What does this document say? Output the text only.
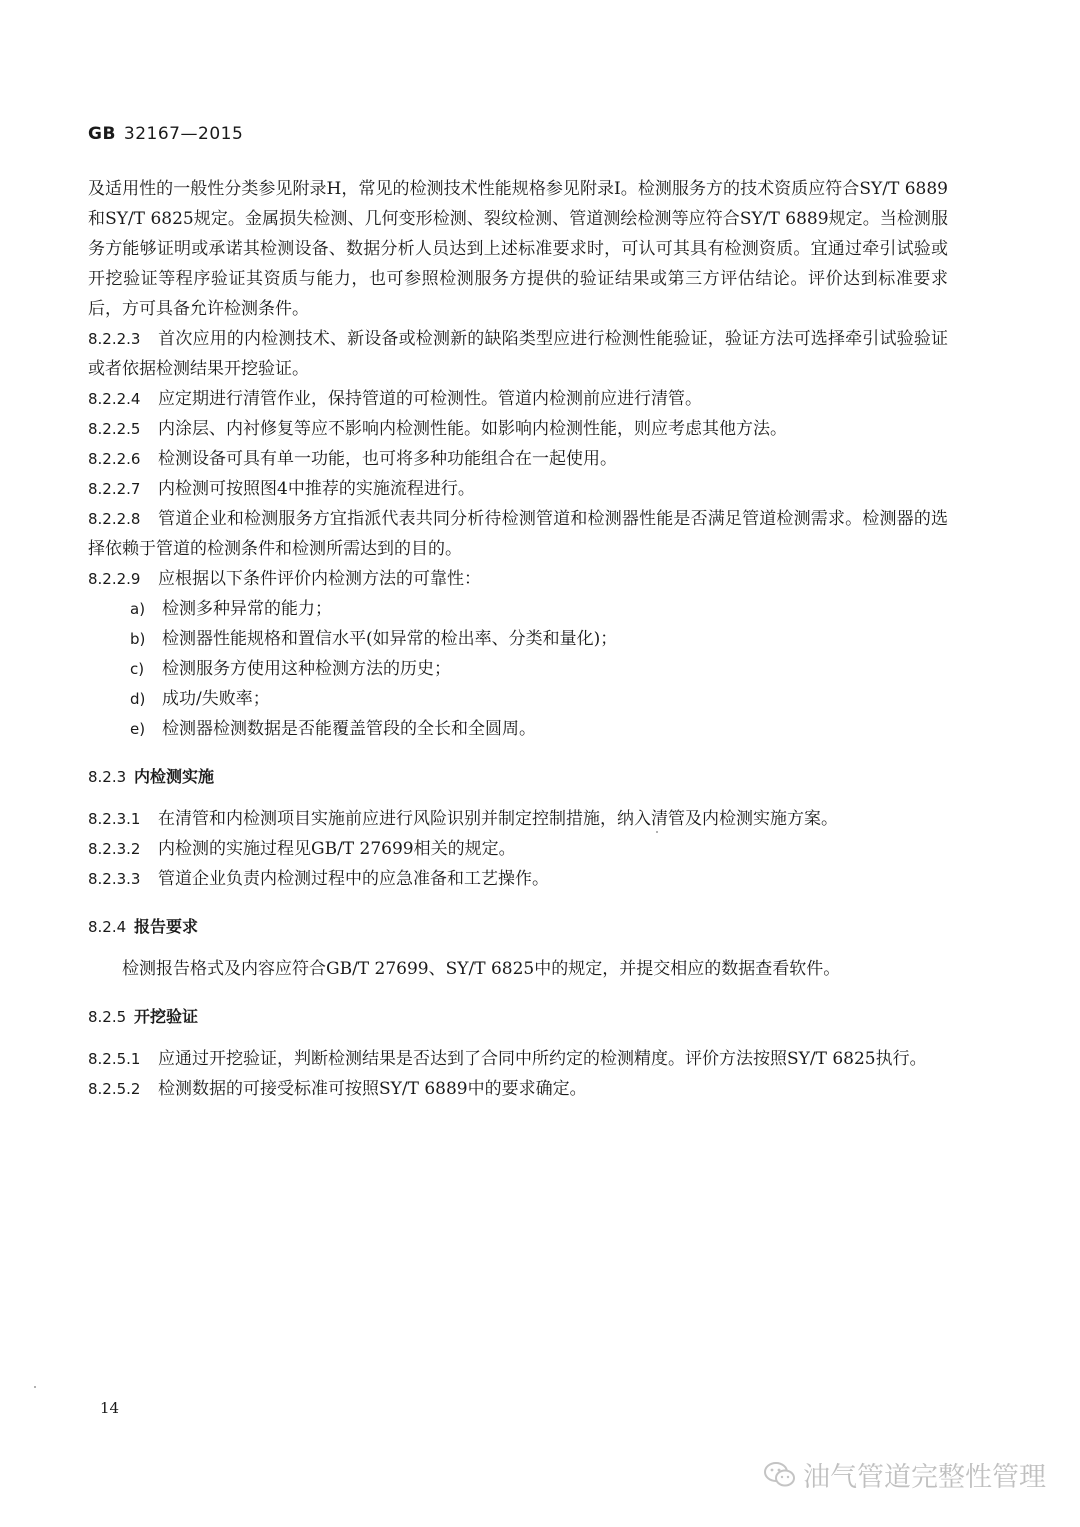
GB 32167—2015

及适用性的一般性分类参见附录H，常见的检测技术性能规格参见附录I。检测服务方的技术资质应符合SY/T 6889和SY/T 6825规定。金属损失检测、几何变形检测、裂纹检测、管道测绘检测等应符合SY/T 6889规定。当检测服务方能够证明或承诺其检测设备、数据分析人员达到上述标准要求时，可认可其具有检测资质。宜通过牵引试验或开挖验证等程序验证其资质与能力，也可参照检测服务方提供的验证结果或第三方评估结论。评价达到标准要求后，方可具备允许检测条件。

8.2.2.3 首次应用的内检测技术、新设备或检测新的缺陷类型应进行检测性能验证，验证方法可选择牵引试验验证或者依据检测结果开挖验证。

8.2.2.4 应定期进行清管作业，保持管道的可检测性。管道内检测前应进行清管。

8.2.2.5 内涂层、内衬修复等应不影响内检测性能。如影响内检测性能，则应考虑其他方法。

8.2.2.6 检测设备可具有单一功能，也可将多种功能组合在一起使用。

8.2.2.7 内检测可按照图4中推荐的实施流程进行。

8.2.2.8 管道企业和检测服务方宜指派代表共同分析待检测管道和检测器性能是否满足管道检测需求。检测器的选择依赖于管道的检测条件和检测所需达到的目的。

8.2.2.9 应根据以下条件评价内检测方法的可靠性：

a) 检测多种异常的能力；

b) 检测器性能规格和置信水平(如异常的检出率、分类和量化)；

c) 检测服务方使用这种检测方法的历史；

d) 成功/失败率；

e) 检测器检测数据是否能覆盖管段的全长和全圆周。

8.2.3 内检测实施

8.2.3.1 在清管和内检测项目实施前应进行风险识别并制定控制措施，纳入清管及内检测实施方案。

8.2.3.2 内检测的实施过程见GB/T 27699相关的规定。

8.2.3.3 管道企业负责内检测过程中的应急准备和工艺操作。

8.2.4 报告要求

检测报告格式及内容应符合GB/T 27699、SY/T 6825中的规定，并提交相应的数据查看软件。

8.2.5 开挖验证

8.2.5.1 应通过开挖验证，判断检测结果是否达到了合同中所约定的检测精度。评价方法按照SY/T 6825执行。

8.2.5.2 检测数据的可接受标准可按照SY/T 6889中的要求确定。

14
油气管道完整性管理
